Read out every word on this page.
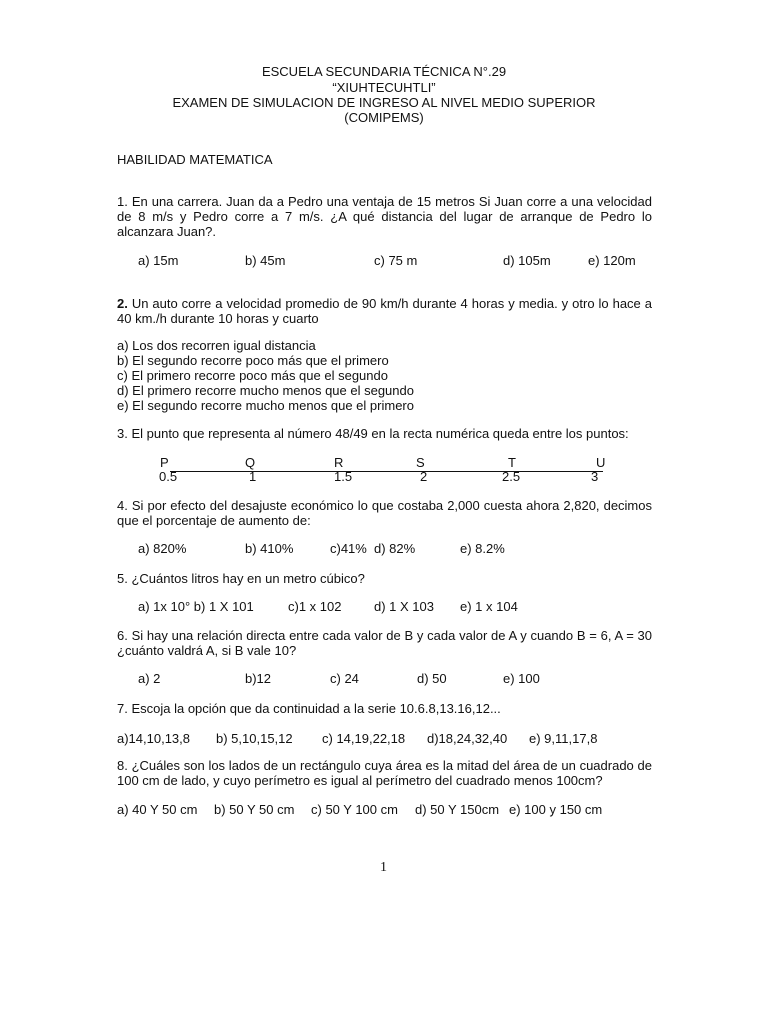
ESCUELA SECUNDARIA TÉCNICA N°.29
“XIUHTECUHTLI”
EXAMEN DE SIMULACION DE INGRESO AL NIVEL MEDIO SUPERIOR
(COMIPEMS)
HABILIDAD MATEMATICA
1. En una carrera. Juan da a Pedro una ventaja de 15 metros Si Juan corre a una velocidad de 8 m/s y Pedro corre a 7 m/s. ¿A qué distancia del lugar de arranque de Pedro lo alcanzara Juan?.
a) 15m	b) 45m	c) 75 m	d) 105m	e) 120m
2. Un auto corre a velocidad promedio de 90 km/h durante 4 horas y media. y otro lo hace a 40 km./h durante 10 horas y cuarto
a) Los dos recorren igual distancia
b) El segundo recorre poco más que el primero
c) El primero recorre poco más que el segundo
d) El primero recorre mucho menos que el segundo
e) El segundo recorre mucho menos que el primero
3. El punto que representa al número 48/49 en la recta numérica queda entre los puntos:
P	Q	R	S	T	U
0.5	1	1.5	2	2.5	3
4. Si por efecto del desajuste económico lo que costaba 2,000 cuesta ahora 2,820, decimos que el porcentaje de aumento de:
a) 820%	b) 410%	c)41% d) 82%	e) 8.2%
5. ¿Cuántos litros hay en un metro cúbico?
a) 1x 10° b) 1 X 101	c)1 x 102	d) 1 X 103 e) 1 x 104
6. Si hay una relación directa entre cada valor de B y cada valor de A y cuando B = 6, A = 30 ¿cuánto valdrá A, si B vale 10?
a) 2	b)12	c) 24	d) 50	e) 100
7. Escoja la opción que da continuidad a la serie 10.6.8,13.16,12...
a)14,10,13,8 b) 5,10,15,12 c) 14,19,22,18 d)18,24,32,40 e) 9,11,17,8
8. ¿Cuáles son los lados de un rectángulo cuya área es la mitad del área de un cuadrado de 100 cm de lado, y cuyo perímetro es igual al perímetro del cuadrado menos 100cm?
a) 40 Y 50 cm b) 50 Y 50 cm c) 50 Y 100 cm d) 50 Y 150cm e) 100 y 150 cm
1
